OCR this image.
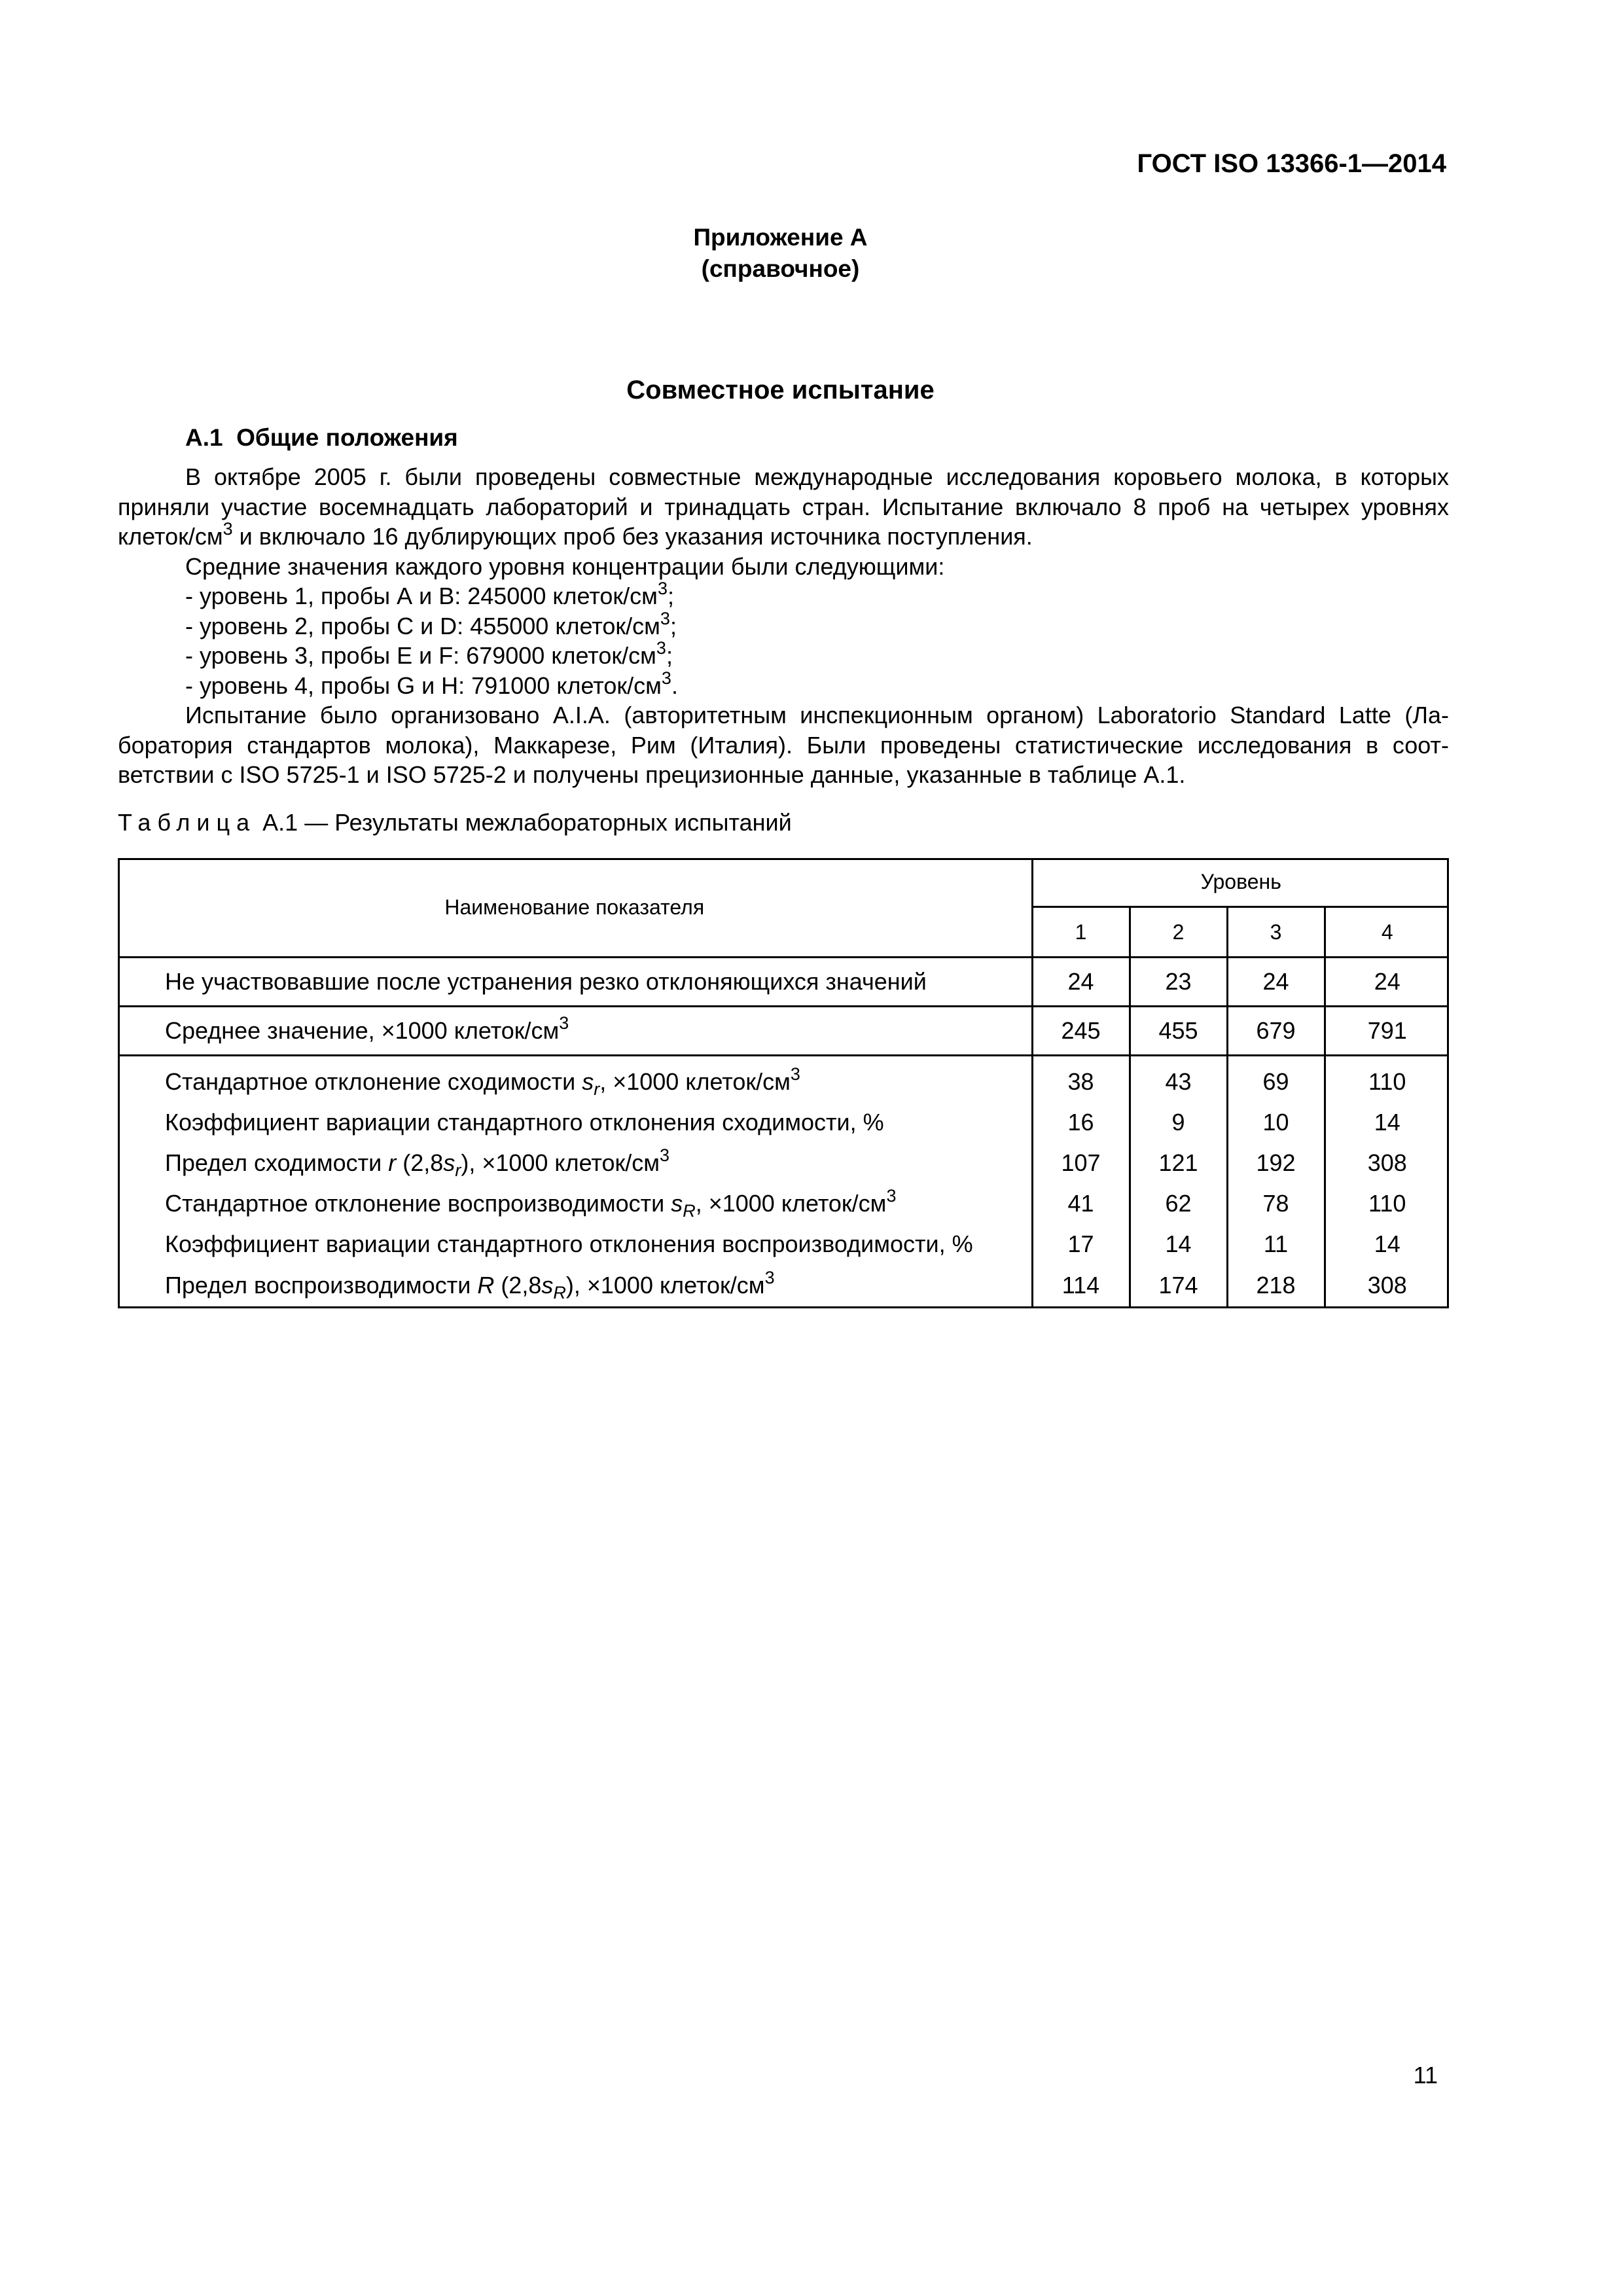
ГОСТ ISO 13366-1—2014
Приложение А
(справочное)
Совместное испытание
А.1 Общие положения

В октябре 2005 г. были проведены совместные международные исследования коровьего молока, в которых

приняли участие восемнадцать лабораторий и тринадцать стран. Испытание включало 8 проб на четырех уровнях

клеток/$см^3$ и включало 16 дублирующих проб без указания источника поступления.

Средние значения каждого уровня концентрации были следующими:

- уровень 1, пробы А и В: 245000 клеток/$см^3$;

- уровень 2, пробы С и D: 455000 клеток/$см^3$;

- уровень 3, пробы Е и F: 679000 клеток/$см^3$;

- уровень 4, пробы G и Н: 791000 клеток/$см^3$.

Испытание было организовано A.I.A. (авторитетным инспекционным органом) Laboratorio Standard Latte (Ла-

боратория стандартов молока), Маккарезе, Рим (Италия). Были проведены статистические исследования в соот-

ветствии с ISO 5725-1 и ISO 5725-2 и получены прецизионные данные, указанные в таблице А.1.

Таблица А.1 — Результаты межлабораторных испытаний
Наименование показателя	Уровень			
	1	2	3	4
Не участвовавшие после устранения резко отклоняющихся значений	24	23	24	24
Среднее значение, ×1000 клеток/$см^3$	245	455	679	791
Стандартное отклонение сходимости $s_r$, ×1000 клеток/$см^3$	38	43	69	110
Коэффициент вариации стандартного отклонения сходимости, %	16	9	10	14
Предел сходимости r $(2,8s_r)$, ×1000 клеток/$см^3$	107	121	192	308
Стандартное отклонение воспроизводимости $s_R$, ×1000 клеток/$см^3$	41	62	78	110
Коэффициент вариации стандартного отклонения воспроизводимости, %	17	14	11	14
Предел воспроизводимости R $(2,8s_R)$, ×1000 клеток/$см^3$	114	174	218	308
11
